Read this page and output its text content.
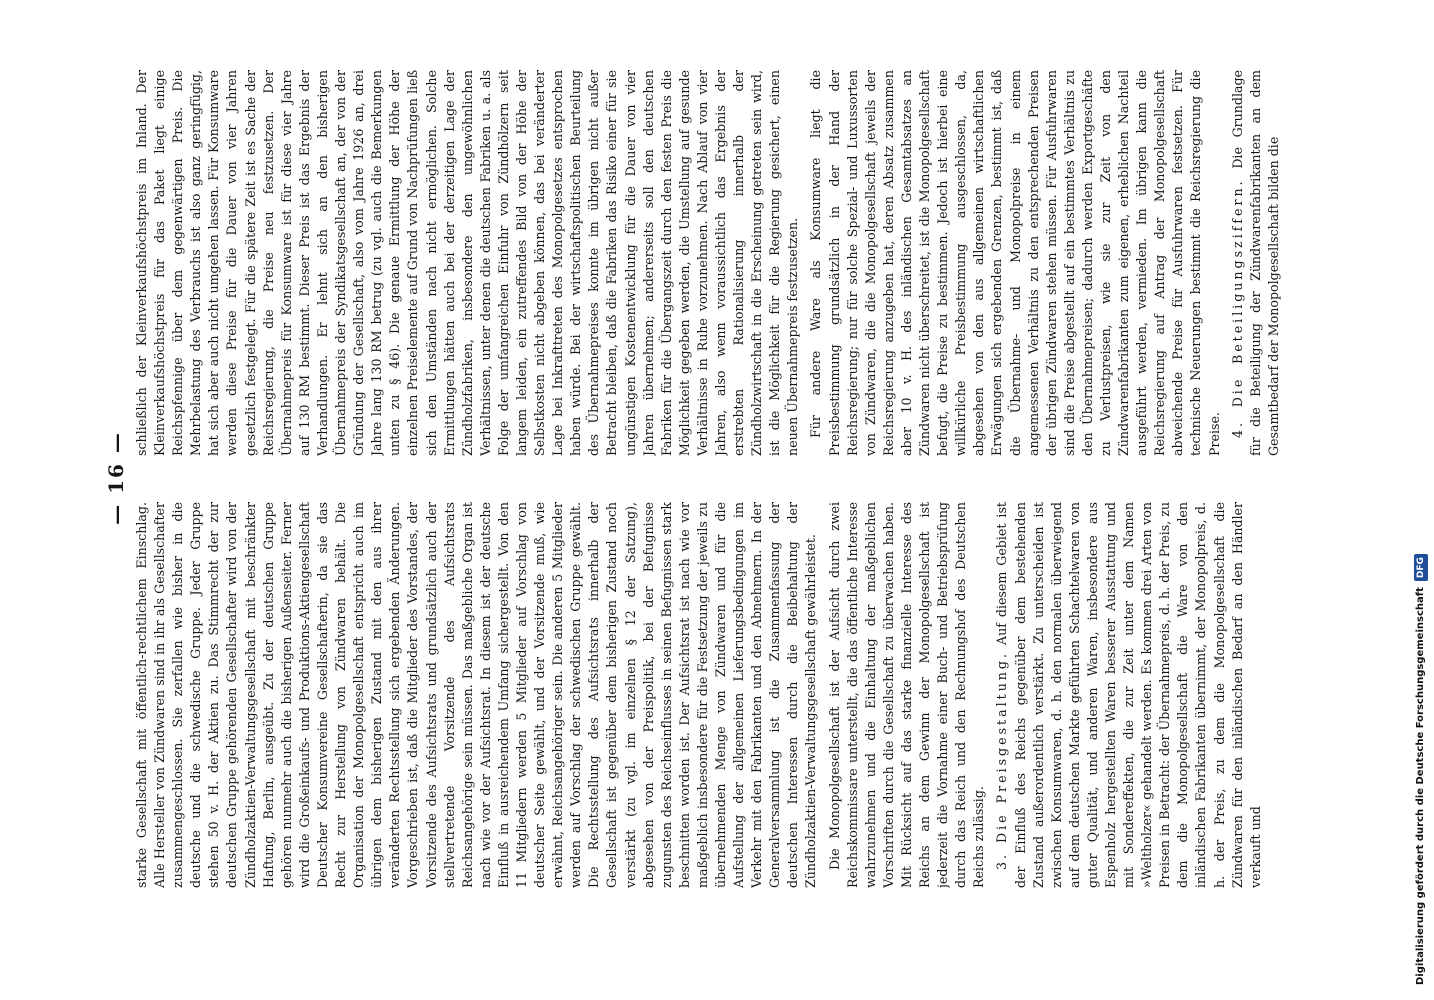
— 16 —

starke Gesellschaft mit öffentlich-rechtlichem Einschlag. Alle Hersteller von Zündwaren sind in ihr als Gesellschafter zusammengeschlossen. Sie zerfallen wie bisher in die deutsche und die schwedische Gruppe. Jeder Gruppe stehen 50 v. H. der Aktien zu. Das Stimmrecht der zur deutschen Gruppe gehörenden Gesellschafter wird von der Zündholzaktien-Verwaltungsgesellschaft mit beschränkter Haftung, Berlin, ausgeübt. Zu der deutschen Gruppe gehören nunmehr auch die bisherigen Außenseiter. Ferner wird die Großeinkaufs- und Produktions-Aktiengesellschaft Deutscher Konsumvereine Gesellschafterin, da sie das Recht zur Herstellung von Zündwaren behält. Die Organisation der Monopolgesellschaft entspricht auch im übrigen dem bisherigen Zustand mit den aus ihrer veränderten Rechtsstellung sich ergebenden Änderungen. Vorgeschrieben ist, daß die Mitglieder des Vorstandes, der Vorsitzende des Aufsichtsrats und grundsätzlich auch der stellvertretende Vorsitzende des Aufsichtsrats Reichsangehörige sein müssen. Das maßgebliche Organ ist nach wie vor der Aufsichtsrat. In diesem ist der deutsche Einfluß in ausreichendem Umfang sichergestellt. Von den 11 Mitgliedern werden 5 Mitglieder auf Vorschlag von deutscher Seite gewählt, und der Vorsitzende muß, wie erwähnt, Reichsangehöriger sein. Die anderen 5 Mitglieder werden auf Vorschlag der schwedischen Gruppe gewählt. Die Rechtsstellung des Aufsichtsrats innerhalb der Gesellschaft ist gegenüber dem bisherigen Zustand noch verstärkt (zu vgl. im einzelnen § 12 der Satzung), abgesehen von der Preispolitik, bei der Befugnisse zugunsten des Reichseinflusses in seinen Befugnissen stark beschnitten worden ist. Der Aufsichtsrat ist nach wie vor maßgeblich insbesondere für die Festsetzung der jeweils zu übernehmenden Menge von Zündwaren und für die Aufstellung der allgemeinen Lieferungsbedingungen im Verkehr mit den Fabrikanten und den Abnehmern. In der Generalversammlung ist die Zusammenfassung der deutschen Interessen durch die Beibehaltung der Zündholzaktien-Verwaltungsgesellschaft gewährleistet. Die Monopolgesellschaft ist der Aufsicht durch zwei Reichskommissare unterstellt, die das öffentliche Interesse wahrzunehmen und die Einhaltung der maßgeblichen Vorschriften durch die Gesellschaft zu überwachen haben. Mit Rücksicht auf das starke finanzielle Interesse des Reichs an dem Gewinn der Monopolgesellschaft ist jederzeit die Vornahme einer Buch- und Betriebsprüfung durch das Reich und den Rechnungshof des Deutschen Reichs zulässig. 3. Die Preisgestaltung. Auf diesem Gebiet ist der Einfluß des Reichs gegenüber dem bestehenden Zustand außerordentlich verstärkt. Zu unterscheiden ist zwischen Konsumwaren, d. h. den normalen überwiegend auf dem deutschen Markte geführten Schachtelwaren von guter Qualität, und anderen Waren, insbesondere aus Espenholz hergestellten Waren besserer Ausstattung und mit Sondereffekten, die zur Zeit unter dem Namen »Weltholzer« gehandelt werden. Es kommen drei Arten von Preisen in Betracht: der Übernahmepreis, d. h. der Preis, zu dem die Monopolgesellschaft die Ware von den inländischen Fabrikanten übernimmt, der Monopolpreis, d. h. der Preis, zu dem die Monopolgesellschaft die Zündwaren für den inländischen Bedarf an den Händler verkauft und

schließlich der Kleinverkaufshöchstpreis im Inland. Der Kleinverkaufshöchstpreis für das Paket liegt einige Reichspfennige über dem gegenwärtigen Preis. Die Mehrbelastung des Verbrauchs ist also ganz geringfügig, hat sich aber auch nicht umgehen lassen. Für Konsumware werden diese Preise für die Dauer von vier Jahren gesetzlich festgelegt. Für die spätere Zeit ist es Sache der Reichsregierung, die Preise neu festzusetzen. Der Übernahmepreis für Konsumware ist für diese vier Jahre auf 130 RM bestimmt. Dieser Preis ist das Ergebnis der Verhandlungen. Er lehnt sich an den bisherigen Übernahmepreis der Syndikatsgesellschaft an, der von der Gründung der Gesellschaft, also vom Jahre 1926 an, drei Jahre lang 130 RM betrug (zu vgl. auch die Bemerkungen unten zu § 46). Die genaue Ermittlung der Höhe der einzelnen Preiselemente auf Grund von Nachprüfungen ließ sich den Umständen nach nicht ermöglichen. Solche Ermittlungen hätten auch bei der derzeitigen Lage der Zündholzfabriken, insbesondere den ungewöhnlichen Verhältnissen, unter denen die deutschen Fabriken u. a. als Folge der umfangreichen Einfuhr von Zündhölzern seit langem leiden, ein zutreffendes Bild von der Höhe der Selbstkosten nicht abgeben können, das bei veränderter Lage bei Inkrafttreten des Monopolgesetzes entsprochen haben würde. Bei der wirtschaftspolitischen Beurteilung des Übernahmepreises konnte im übrigen nicht außer Betracht bleiben, daß die Fabriken das Risiko einer für sie ungünstigen Kostenentwicklung für die Dauer von vier Jahren übernehmen; andererseits soll den deutschen Fabriken für die Übergangszeit durch den festen Preis die Möglichkeit gegeben werden, die Umstellung auf gesunde Verhältnisse in Ruhe vorzunehmen. Nach Ablauf von vier Jahren, also wenn voraussichtlich das Ergebnis der erstrebten Rationalisierung innerhalb der Zündholzwirtschaft in die Erscheinung getreten sein wird, ist die Möglichkeit für die Regierung gesichert, einen neuen Übernahmepreis festzusetzen. Für andere Ware als Konsumware liegt die Preisbestimmung grundsätzlich in der Hand der Reichsregierung; nur für solche Spezial- und Luxussorten von Zündwaren, die die Monopolgesellschaft jeweils der Reichsregierung anzugeben hat, deren Absatz zusammen aber 10 v. H. des inländischen Gesamtabsatzes an Zündwaren nicht überschreitet, ist die Monopolgesellschaft befugt, die Preise zu bestimmen. Jedoch ist hierbei eine willkürliche Preisbestimmung ausgeschlossen, da, abgesehen von den aus allgemeinen wirtschaftlichen Erwägungen sich ergebenden Grenzen, bestimmt ist, daß die Übernahme- und Monopolpreise in einem angemessenen Verhältnis zu den entsprechenden Preisen der übrigen Zündwaren stehen müssen. Für Ausfuhrwaren sind die Preise abgestellt auf ein bestimmtes Verhältnis zu den Übernahmepreisen; dadurch werden Exportgeschäfte zu Verlustpreisen, wie sie zur Zeit von den Zündwarenfabrikanten zum eigenen, erheblichen Nachteil ausgeführt werden, vermieden. Im übrigen kann die Reichsregierung auf Antrag der Monopolgesellschaft abweichende Preise für Ausfuhrwaren festsetzen. Für technische Neuerungen bestimmt die Reichsregierung die Preise. 4. Die Beteiligungsziffern. Die Grundlage für die Beteiligung der Zündwarenfabrikanten an dem Gesamtbedarf der Monopolgesellschaft bilden die

Digitalisierung gefördert durch die Deutsche Forschungsgemeinschaft
DFG
